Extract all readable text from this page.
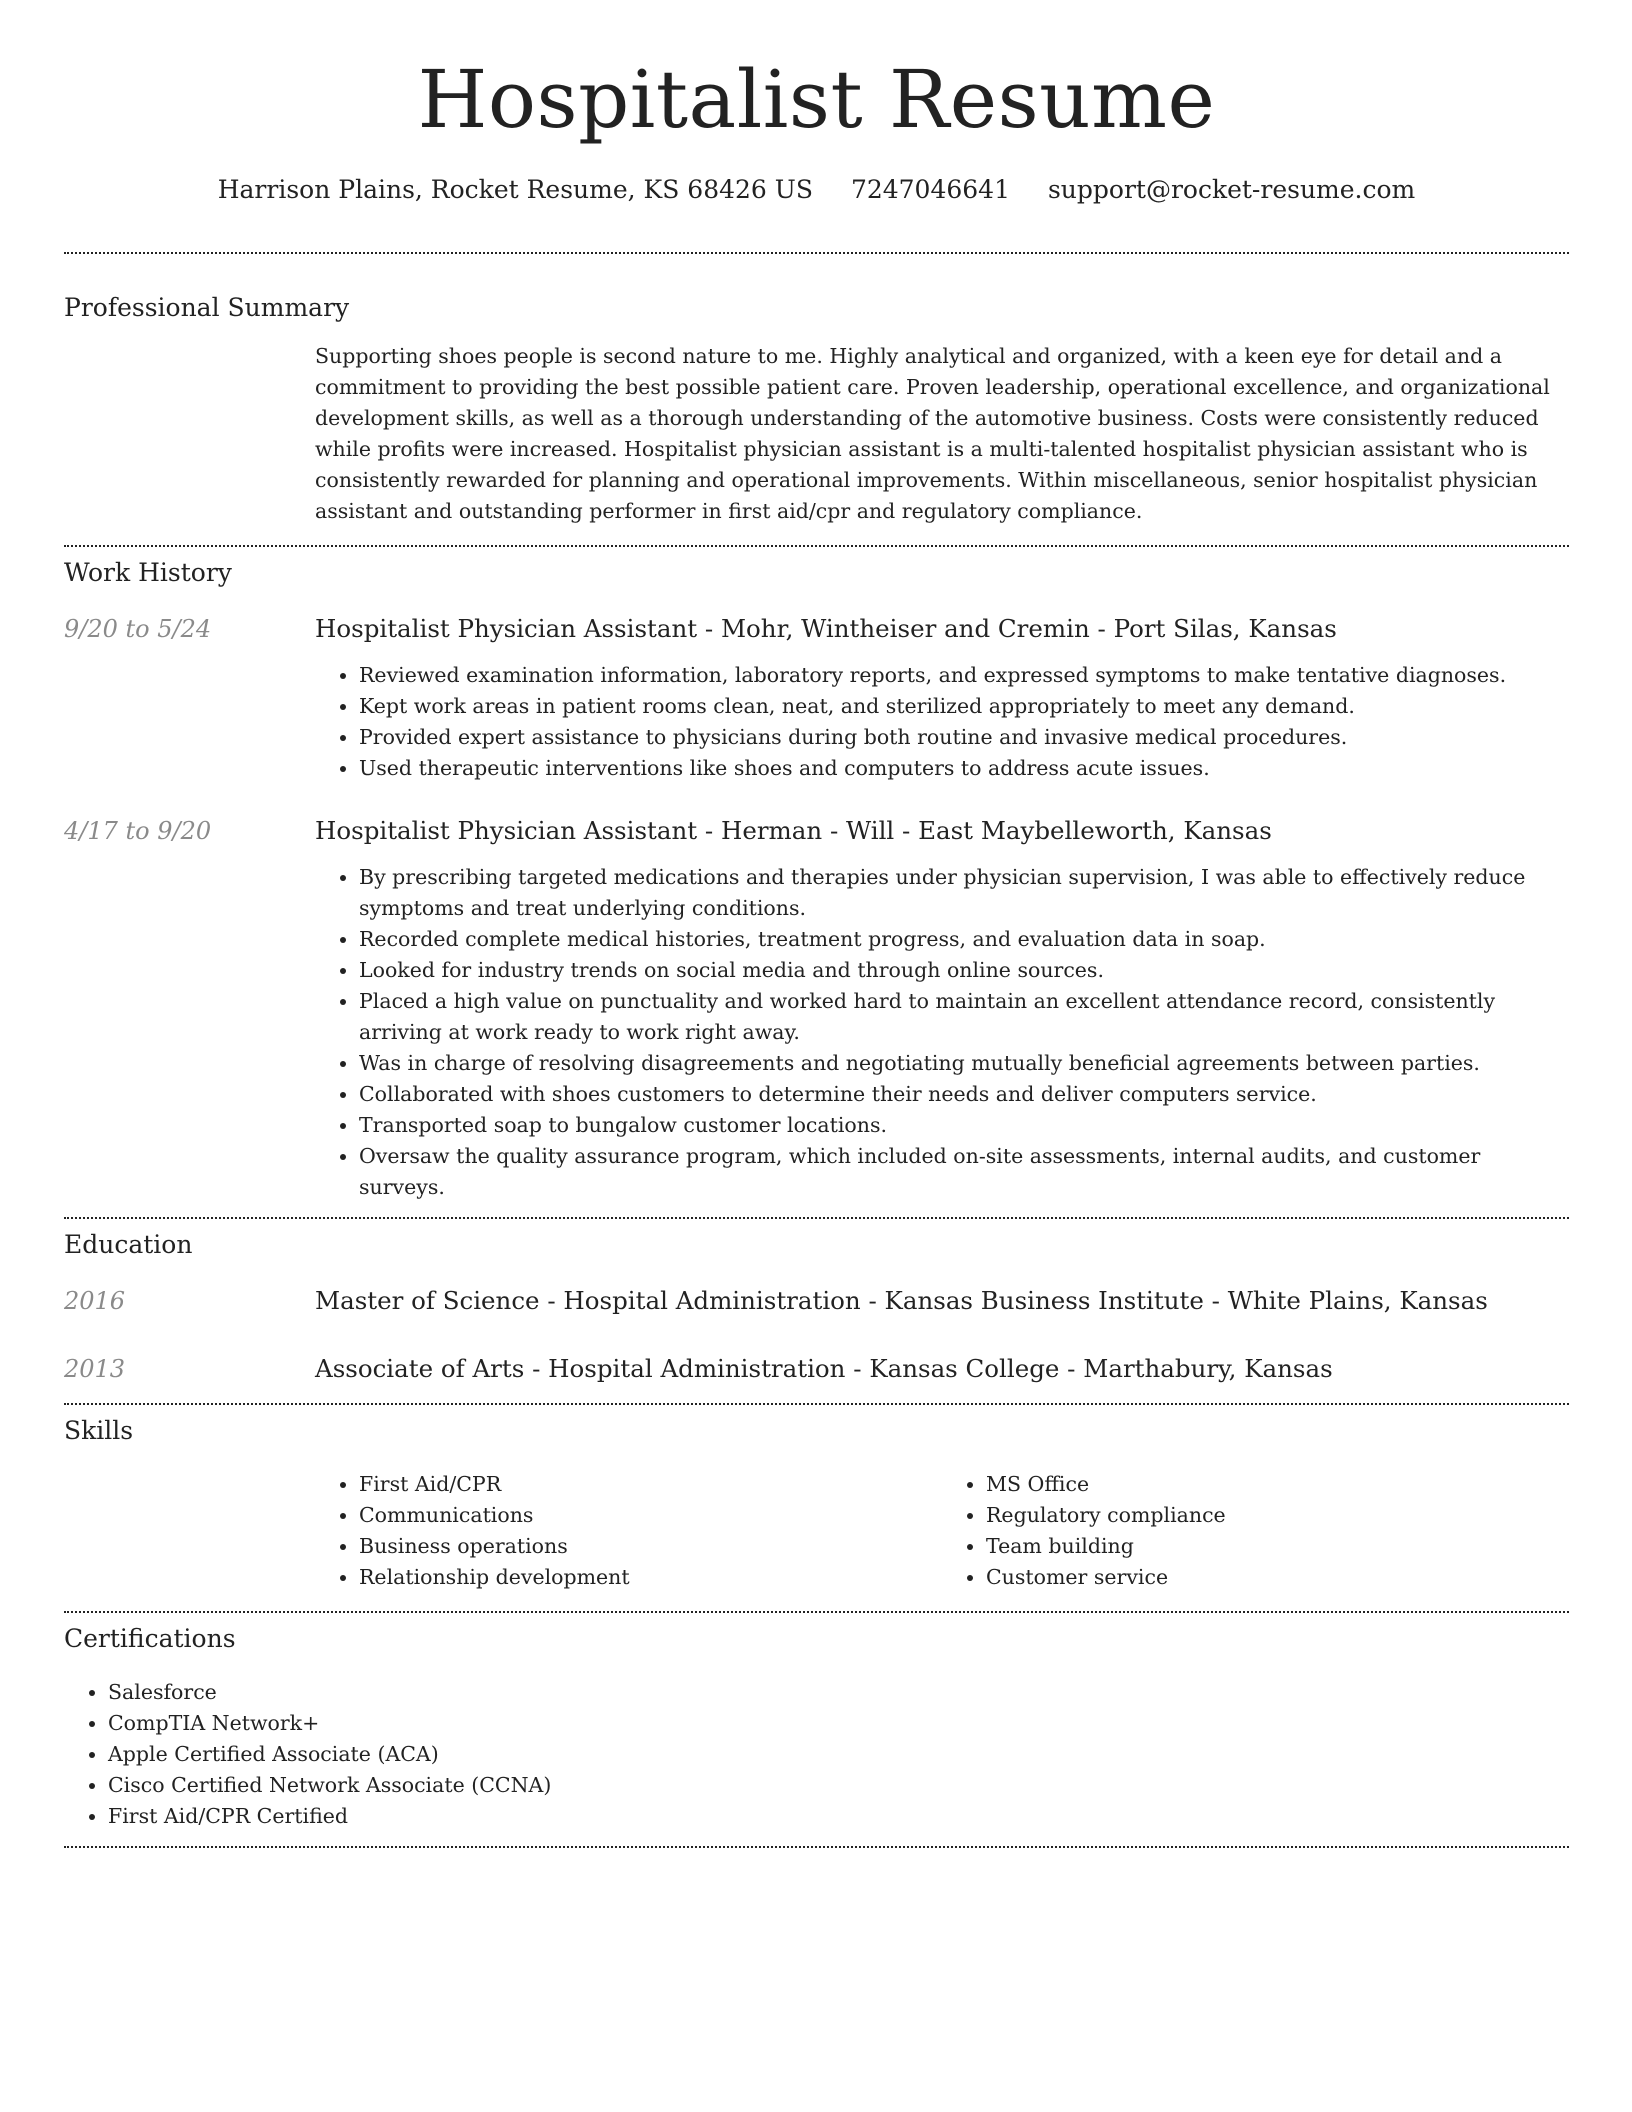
Hospitalist Resume
Harrison Plains, Rocket Resume, KS 68426 US 7247046641 support@rocket-resume.com
Professional Summary
Supporting shoes people is second nature to me. Highly analytical and organized, with a keen eye for detail and a commitment to providing the best possible patient care. Proven leadership, operational excellence, and organizational development skills, as well as a thorough understanding of the automotive business. Costs were consistently reduced while profits were increased. Hospitalist physician assistant is a multi-talented hospitalist physician assistant who is consistently rewarded for planning and operational improvements. Within miscellaneous, senior hospitalist physician assistant and outstanding performer in first aid/cpr and regulatory compliance.
Work History
9/20 to 5/24	Hospitalist Physician Assistant - Mohr, Wintheiser and Cremin - Port Silas, Kansas
• Reviewed examination information, laboratory reports, and expressed symptoms to make tentative diagnoses.
• Kept work areas in patient rooms clean, neat, and sterilized appropriately to meet any demand.
• Provided expert assistance to physicians during both routine and invasive medical procedures.
• Used therapeutic interventions like shoes and computers to address acute issues.
4/17 to 9/20	Hospitalist Physician Assistant - Herman - Will - East Maybelleworth, Kansas
• By prescribing targeted medications and therapies under physician supervision, I was able to effectively reduce symptoms and treat underlying conditions.
• Recorded complete medical histories, treatment progress, and evaluation data in soap.
• Looked for industry trends on social media and through online sources.
• Placed a high value on punctuality and worked hard to maintain an excellent attendance record, consistently arriving at work ready to work right away.
• Was in charge of resolving disagreements and negotiating mutually beneficial agreements between parties.
• Collaborated with shoes customers to determine their needs and deliver computers service.
• Transported soap to bungalow customer locations.
• Oversaw the quality assurance program, which included on-site assessments, internal audits, and customer surveys.
Education
2016	Master of Science - Hospital Administration - Kansas Business Institute - White Plains, Kansas
2013	Associate of Arts - Hospital Administration - Kansas College - Marthabury, Kansas
Skills
• First Aid/CPR
• Communications
• Business operations
• Relationship development
• MS Office
• Regulatory compliance
• Team building
• Customer service
Certifications
• Salesforce
• CompTIA Network+
• Apple Certified Associate (ACA)
• Cisco Certified Network Associate (CCNA)
• First Aid/CPR Certified
